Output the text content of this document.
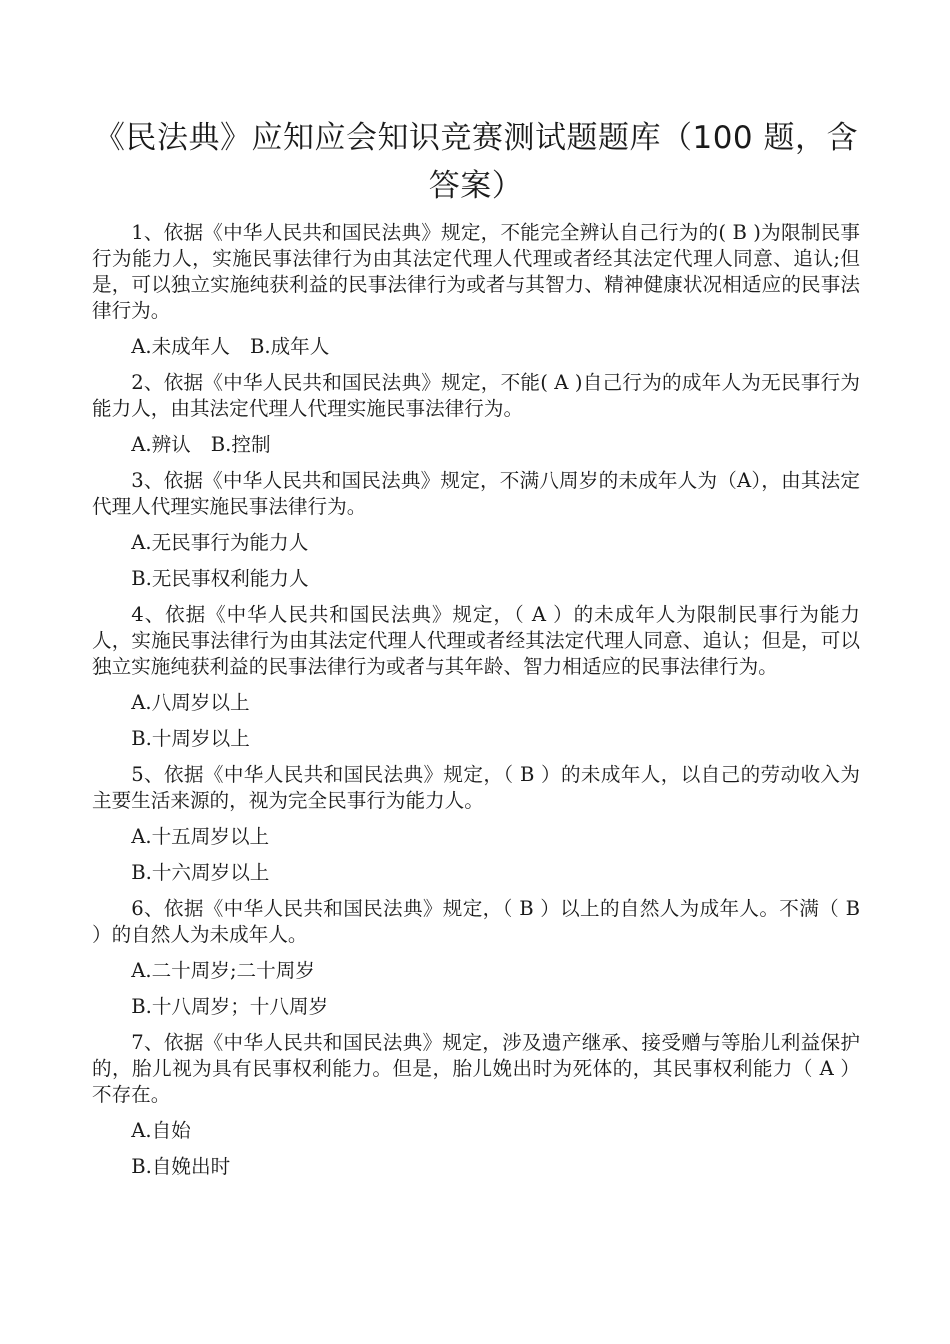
《民法典》应知应会知识竞赛测试题题库（100 题，含答案）

1、依据《中华人民共和国民法典》规定，不能完全辨认自己行为的( B )为限制民事行为能力人，实施民事法律行为由其法定代理人代理或者经其法定代理人同意、追认;但是，可以独立实施纯获利益的民事法律行为或者与其智力、精神健康状况相适应的民事法律行为。

A.未成年人 B.成年人

2、依据《中华人民共和国民法典》规定，不能( A )自己行为的成年人为无民事行为能力人，由其法定代理人代理实施民事法律行为。

A.辨认 B.控制

3、依据《中华人民共和国民法典》规定，不满八周岁的未成年人为（A），由其法定代理人代理实施民事法律行为。

A.无民事行为能力人

B.无民事权利能力人

4、依据《中华人民共和国民法典》规定，（ A ）的未成年人为限制民事行为能力人，实施民事法律行为由其法定代理人代理或者经其法定代理人同意、追认；但是，可以独立实施纯获利益的民事法律行为或者与其年龄、智力相适应的民事法律行为。

A.八周岁以上

B.十周岁以上

5、依据《中华人民共和国民法典》规定，（ B ）的未成年人，以自己的劳动收入为主要生活来源的，视为完全民事行为能力人。

A.十五周岁以上

B.十六周岁以上

6、依据《中华人民共和国民法典》规定，（ B ）以上的自然人为成年人。不满（ B ）的自然人为未成年人。

A.二十周岁;二十周岁

B.十八周岁；十八周岁

7、依据《中华人民共和国民法典》规定，涉及遗产继承、接受赠与等胎儿利益保护的，胎儿视为具有民事权利能力。但是，胎儿娩出时为死体的，其民事权利能力（ A ）不存在。

A.自始

B.自娩出时
